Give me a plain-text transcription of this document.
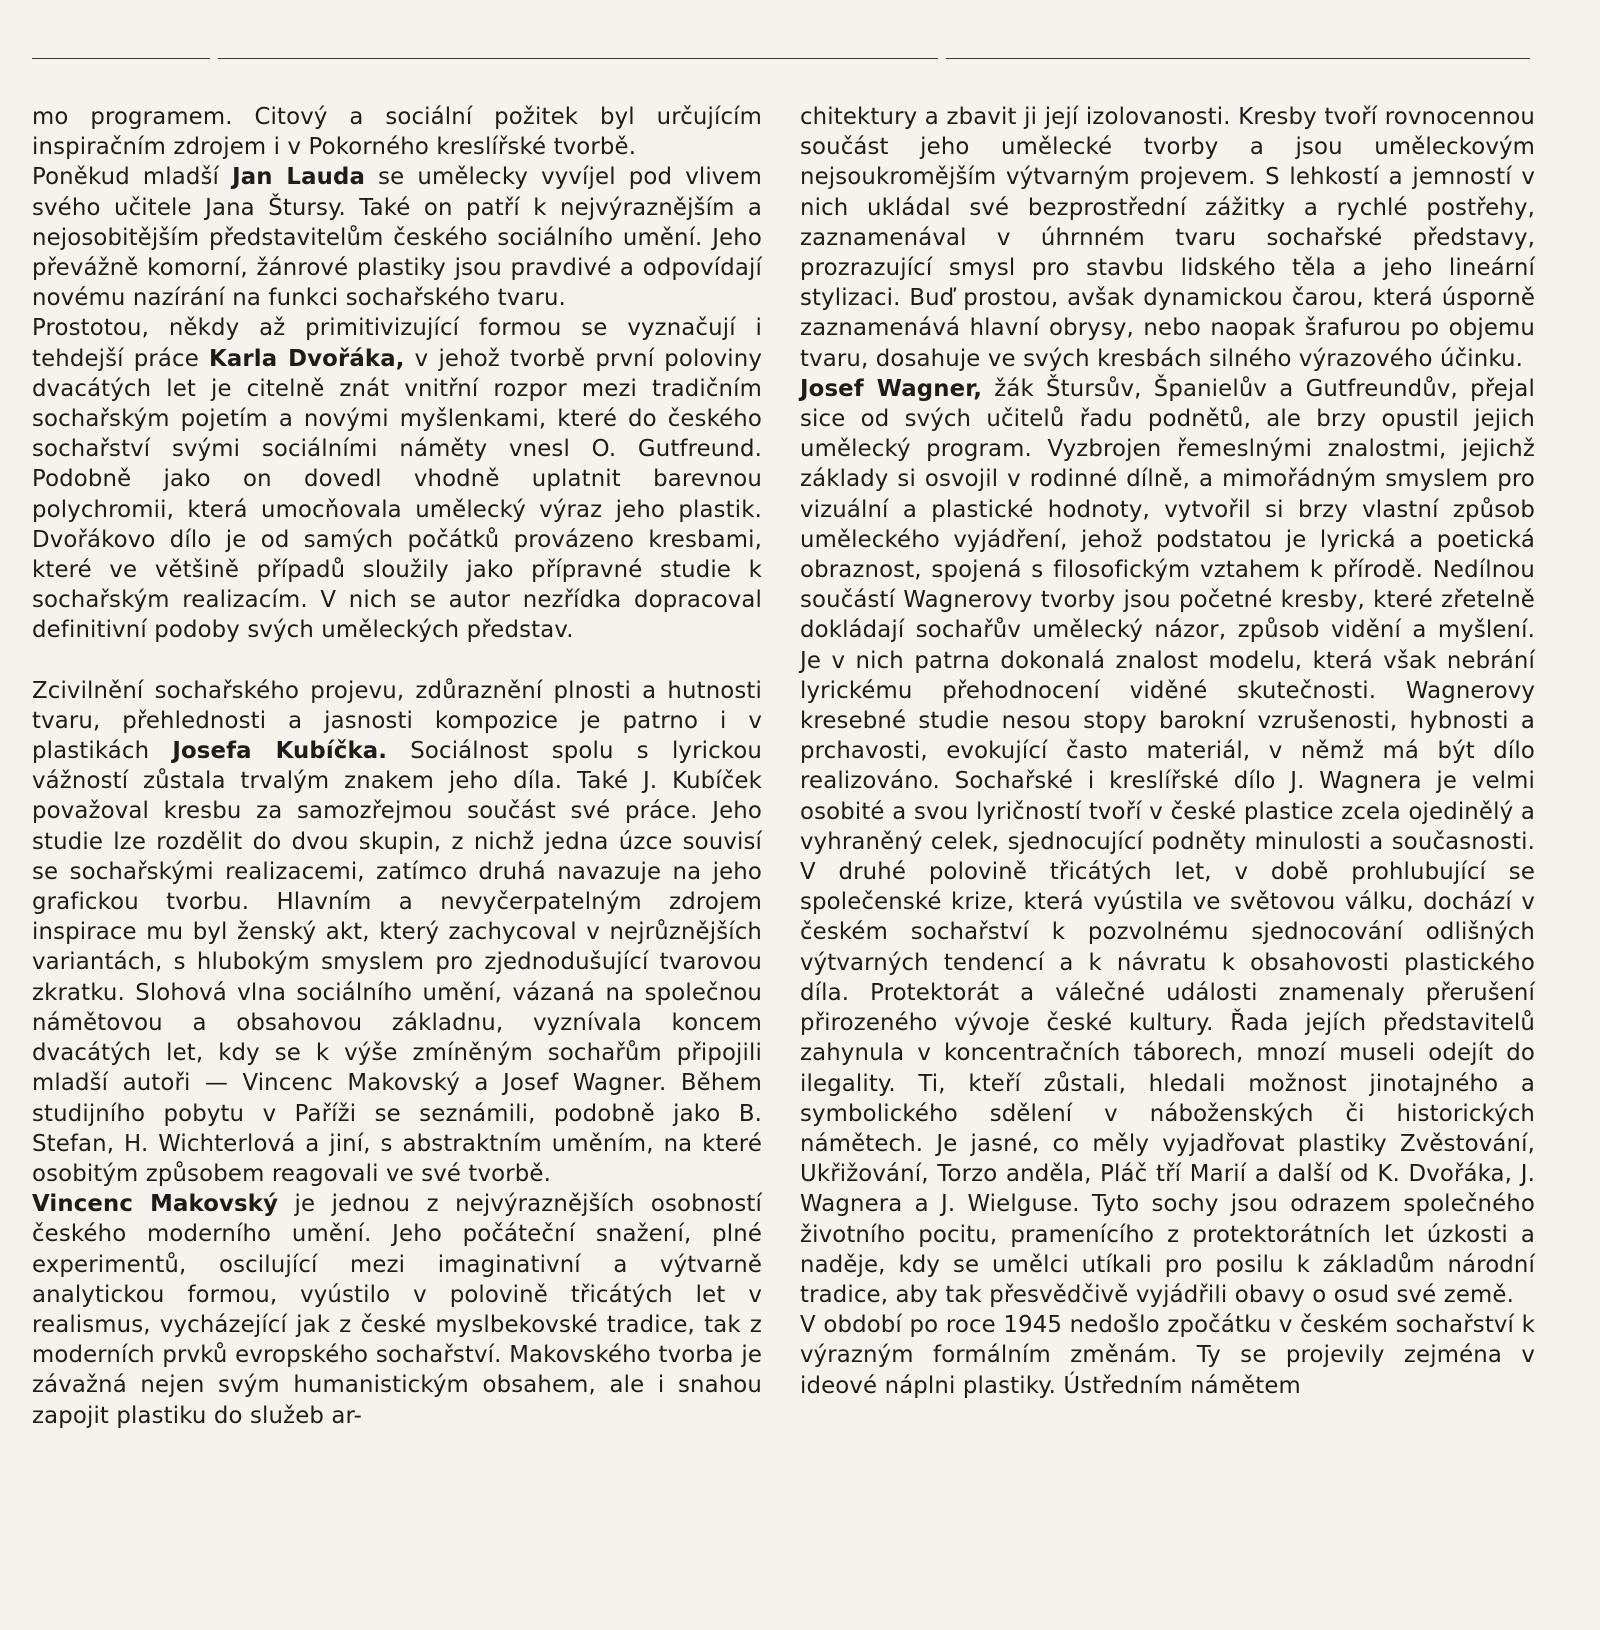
mo programem. Citový a sociální požitek byl určujícím inspiračním zdrojem i v Pokorného kreslířské tvorbě.

Poněkud mladší Jan Lauda se umělecky vyvíjel pod vlivem svého učitele Jana Štursy. Také on patří k nejvýraznějším a nejosobitějším představitelům českého sociálního umění. Jeho převážně komorní, žánrové plastiky jsou pravdivé a odpovídají novému nazírání na funkci sochařského tvaru.

Prostotou, někdy až primitivizující formou se vyznačují i tehdejší práce Karla Dvořáka, v jehož tvorbě první poloviny dvacátých let je citelně znát vnitřní rozpor mezi tradičním sochařským pojetím a novými myšlenkami, které do českého sochařství svými sociálními náměty vnesl O. Gutfreund. Podobně jako on dovedl vhodně uplatnit barevnou polychromii, která umocňovala umělecký výraz jeho plastik. Dvořákovo dílo je od samých počátků provázeno kresbami, které ve většině případů sloužily jako přípravné studie k sochařským realizacím. V nich se autor nezřídka dopracoval definitivní podoby svých uměleckých představ.

Zcivilnění sochařského projevu, zdůraznění plnosti a hutnosti tvaru, přehlednosti a jasnosti kompozice je patrno i v plastikách Josefa Kubíčka. Sociálnost spolu s lyrickou vážností zůstala trvalým znakem jeho díla. Také J. Kubíček považoval kresbu za samozřejmou součást své práce. Jeho studie lze rozdělit do dvou skupin, z nichž jedna úzce souvisí se sochařskými realizacemi, zatímco druhá navazuje na jeho grafickou tvorbu. Hlavním a nevyčerpatelným zdrojem inspirace mu byl ženský akt, který zachycoval v nejrůznějších variantách, s hlubokým smyslem pro zjednodušující tvarovou zkratku. Slohová vlna sociálního umění, vázaná na společnou námětovou a obsahovou základnu, vyznívala koncem dvacátých let, kdy se k výše zmíněným sochařům připojili mladší autoři — Vincenc Makovský a Josef Wagner. Během studijního pobytu v Paříži se seznámili, podobně jako B. Stefan, H. Wichterlová a jiní, s abstraktním uměním, na které osobitým způsobem reagovali ve své tvorbě.

Vincenc Makovský je jednou z nejvýraznějších osobností českého moderního umění. Jeho počáteční snažení, plné experimentů, oscilující mezi imaginativní a výtvarně analytickou formou, vyústilo v polovině třicátých let v realismus, vycházející jak z české myslbekovské tradice, tak z moderních prvků evropského sochařství. Makovského tvorba je závažná nejen svým humanistickým obsahem, ale i snahou zapojit plastiku do služeb ar-

chitektury a zbavit ji její izolovanosti. Kresby tvoří rovnocennou součást jeho umělecké tvorby a jsou uměleckovým nejsoukromějším výtvarným projevem. S lehkostí a jemností v nich ukládal své bezprostřední zážitky a rychlé postřehy, zaznamenával v úhrnném tvaru sochařské představy, prozrazující smysl pro stavbu lidského těla a jeho lineární stylizaci. Buď prostou, avšak dynamickou čarou, která úsporně zaznamenává hlavní obrysy, nebo naopak šrafurou po objemu tvaru, dosahuje ve svých kresbách silného výrazového účinku.

Josef Wagner, žák Štursův, Španielův a Gutfreundův, přejal sice od svých učitelů řadu podnětů, ale brzy opustil jejich umělecký program. Vyzbrojen řemeslnými znalostmi, jejichž základy si osvojil v rodinné dílně, a mimořádným smyslem pro vizuální a plastické hodnoty, vytvořil si brzy vlastní způsob uměleckého vyjádření, jehož podstatou je lyrická a poetická obraznost, spojená s filosofickým vztahem k přírodě. Nedílnou součástí Wagnerovy tvorby jsou početné kresby, které zřetelně dokládají sochařův umělecký názor, způsob vidění a myšlení. Je v nich patrna dokonalá znalost modelu, která však nebrání lyrickému přehodnocení viděné skutečnosti. Wagnerovy kresebné studie nesou stopy barokní vzrušenosti, hybnosti a prchavosti, evokující často materiál, v němž má být dílo realizováno. Sochařské i kreslířské dílo J. Wagnera je velmi osobité a svou lyričností tvoří v české plastice zcela ojedinělý a vyhraněný celek, sjednocující podněty minulosti a současnosti. V druhé polovině třicátých let, v době prohlubující se společenské krize, která vyústila ve světovou válku, dochází v českém sochařství k pozvolnému sjednocování odlišných výtvarných tendencí a k návratu k obsahovosti plastického díla. Protektorát a válečné události znamenaly přerušení přirozeného vývoje české kultury. Řada jejích představitelů zahynula v koncentračních táborech, mnozí museli odejít do ilegality. Ti, kteří zůstali, hledali možnost jinotajného a symbolického sdělení v náboženských či historických námětech. Je jasné, co měly vyjadřovat plastiky Zvěstování, Ukřižování, Torzo anděla, Pláč tří Marií a další od K. Dvořáka, J. Wagnera a J. Wielguse. Tyto sochy jsou odrazem společného životního pocitu, pramenícího z protektorátních let úzkosti a naděje, kdy se umělci utíkali pro posilu k základům národní tradice, aby tak přesvědčivě vyjádřili obavy o osud své země.

V období po roce 1945 nedošlo zpočátku v českém sochařství k výrazným formálním změnám. Ty se projevily zejména v ideové náplni plastiky. Ústředním námětem
